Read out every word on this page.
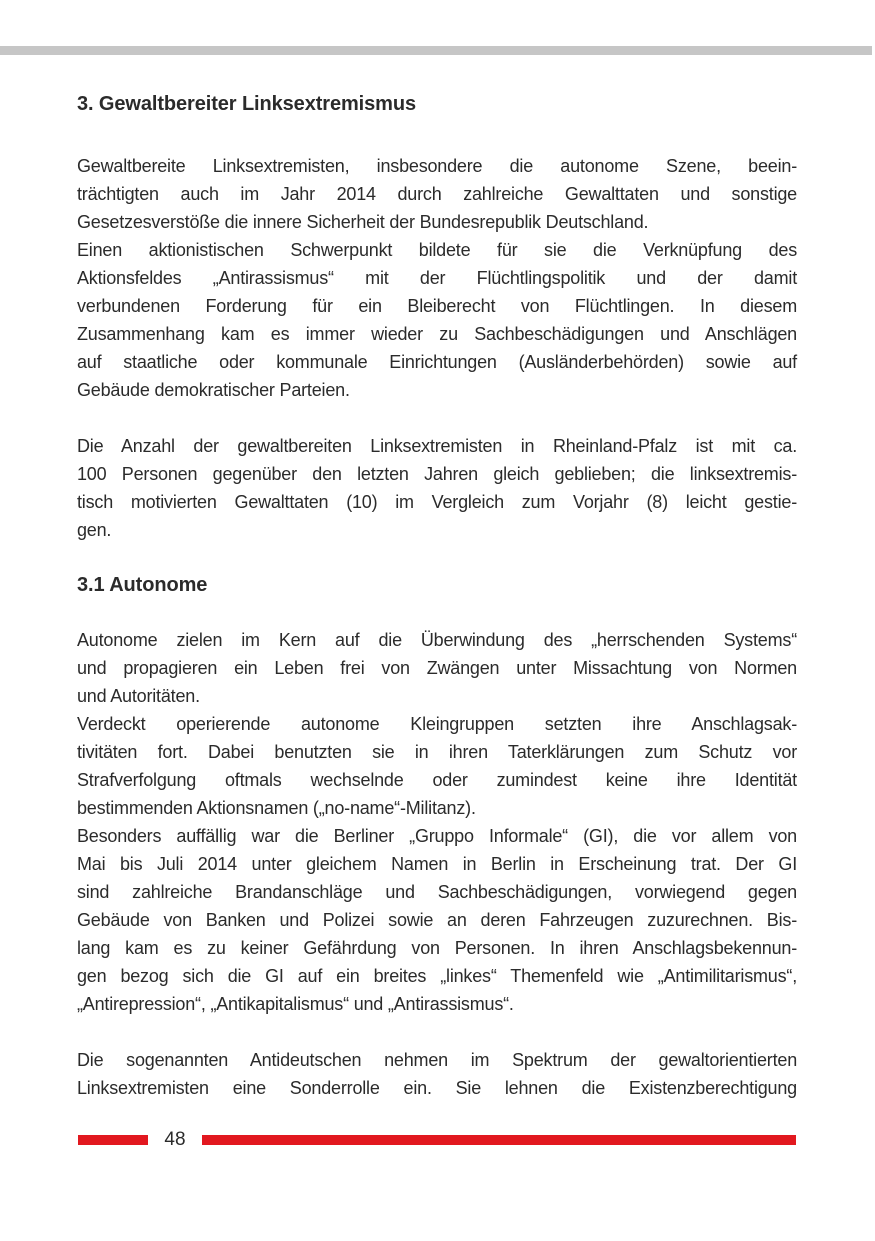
3. Gewaltbereiter Linksextremismus
Gewaltbereite Linksextremisten, insbesondere die autonome Szene, beein-
trächtigten auch im Jahr 2014 durch zahlreiche Gewalttaten und sonstige
Gesetzesverstöße die innere Sicherheit der Bundesrepublik Deutschland.
Einen aktionistischen Schwerpunkt bildete für sie die Verknüpfung des
Aktionsfeldes „Antirassismus“ mit der Flüchtlingspolitik und der damit
verbundenen Forderung für ein Bleiberecht von Flüchtlingen. In diesem
Zusammenhang kam es immer wieder zu Sachbeschädigungen und Anschlägen
auf staatliche oder kommunale Einrichtungen (Ausländerbehörden) sowie auf
Gebäude demokratischer Parteien.
Die Anzahl der gewaltbereiten Linksextremisten in Rheinland-Pfalz ist mit ca.
100 Personen gegenüber den letzten Jahren gleich geblieben; die linksextremis-
tisch motivierten Gewalttaten (10) im Vergleich zum Vorjahr (8) leicht gestie-
gen.
3.1 Autonome
Autonome zielen im Kern auf die Überwindung des „herrschenden Systems“
und propagieren ein Leben frei von Zwängen unter Missachtung von Normen
und Autoritäten.
Verdeckt operierende autonome Kleingruppen setzten ihre Anschlagsak-
tivitäten fort. Dabei benutzten sie in ihren Taterklärungen zum Schutz vor
Strafverfolgung oftmals wechselnde oder zumindest keine ihre Identität
bestimmenden Aktionsnamen („no-name“-Militanz).
Besonders auffällig war die Berliner „Gruppo Informale“ (GI), die vor allem von
Mai bis Juli 2014 unter gleichem Namen in Berlin in Erscheinung trat. Der GI
sind zahlreiche Brandanschläge und Sachbeschädigungen, vorwiegend gegen
Gebäude von Banken und Polizei sowie an deren Fahrzeugen zuzurechnen. Bis-
lang kam es zu keiner Gefährdung von Personen. In ihren Anschlagsbekennun-
gen bezog sich die GI auf ein breites „linkes“ Themenfeld wie „Antimilitarismus“,
„Antirepression“, „Antikapitalismus“ und „Antirassismus“.
Die sogenannten Antideutschen nehmen im Spektrum der gewaltorientierten
Linksextremisten eine Sonderrolle ein. Sie lehnen die Existenzberechtigung
48
